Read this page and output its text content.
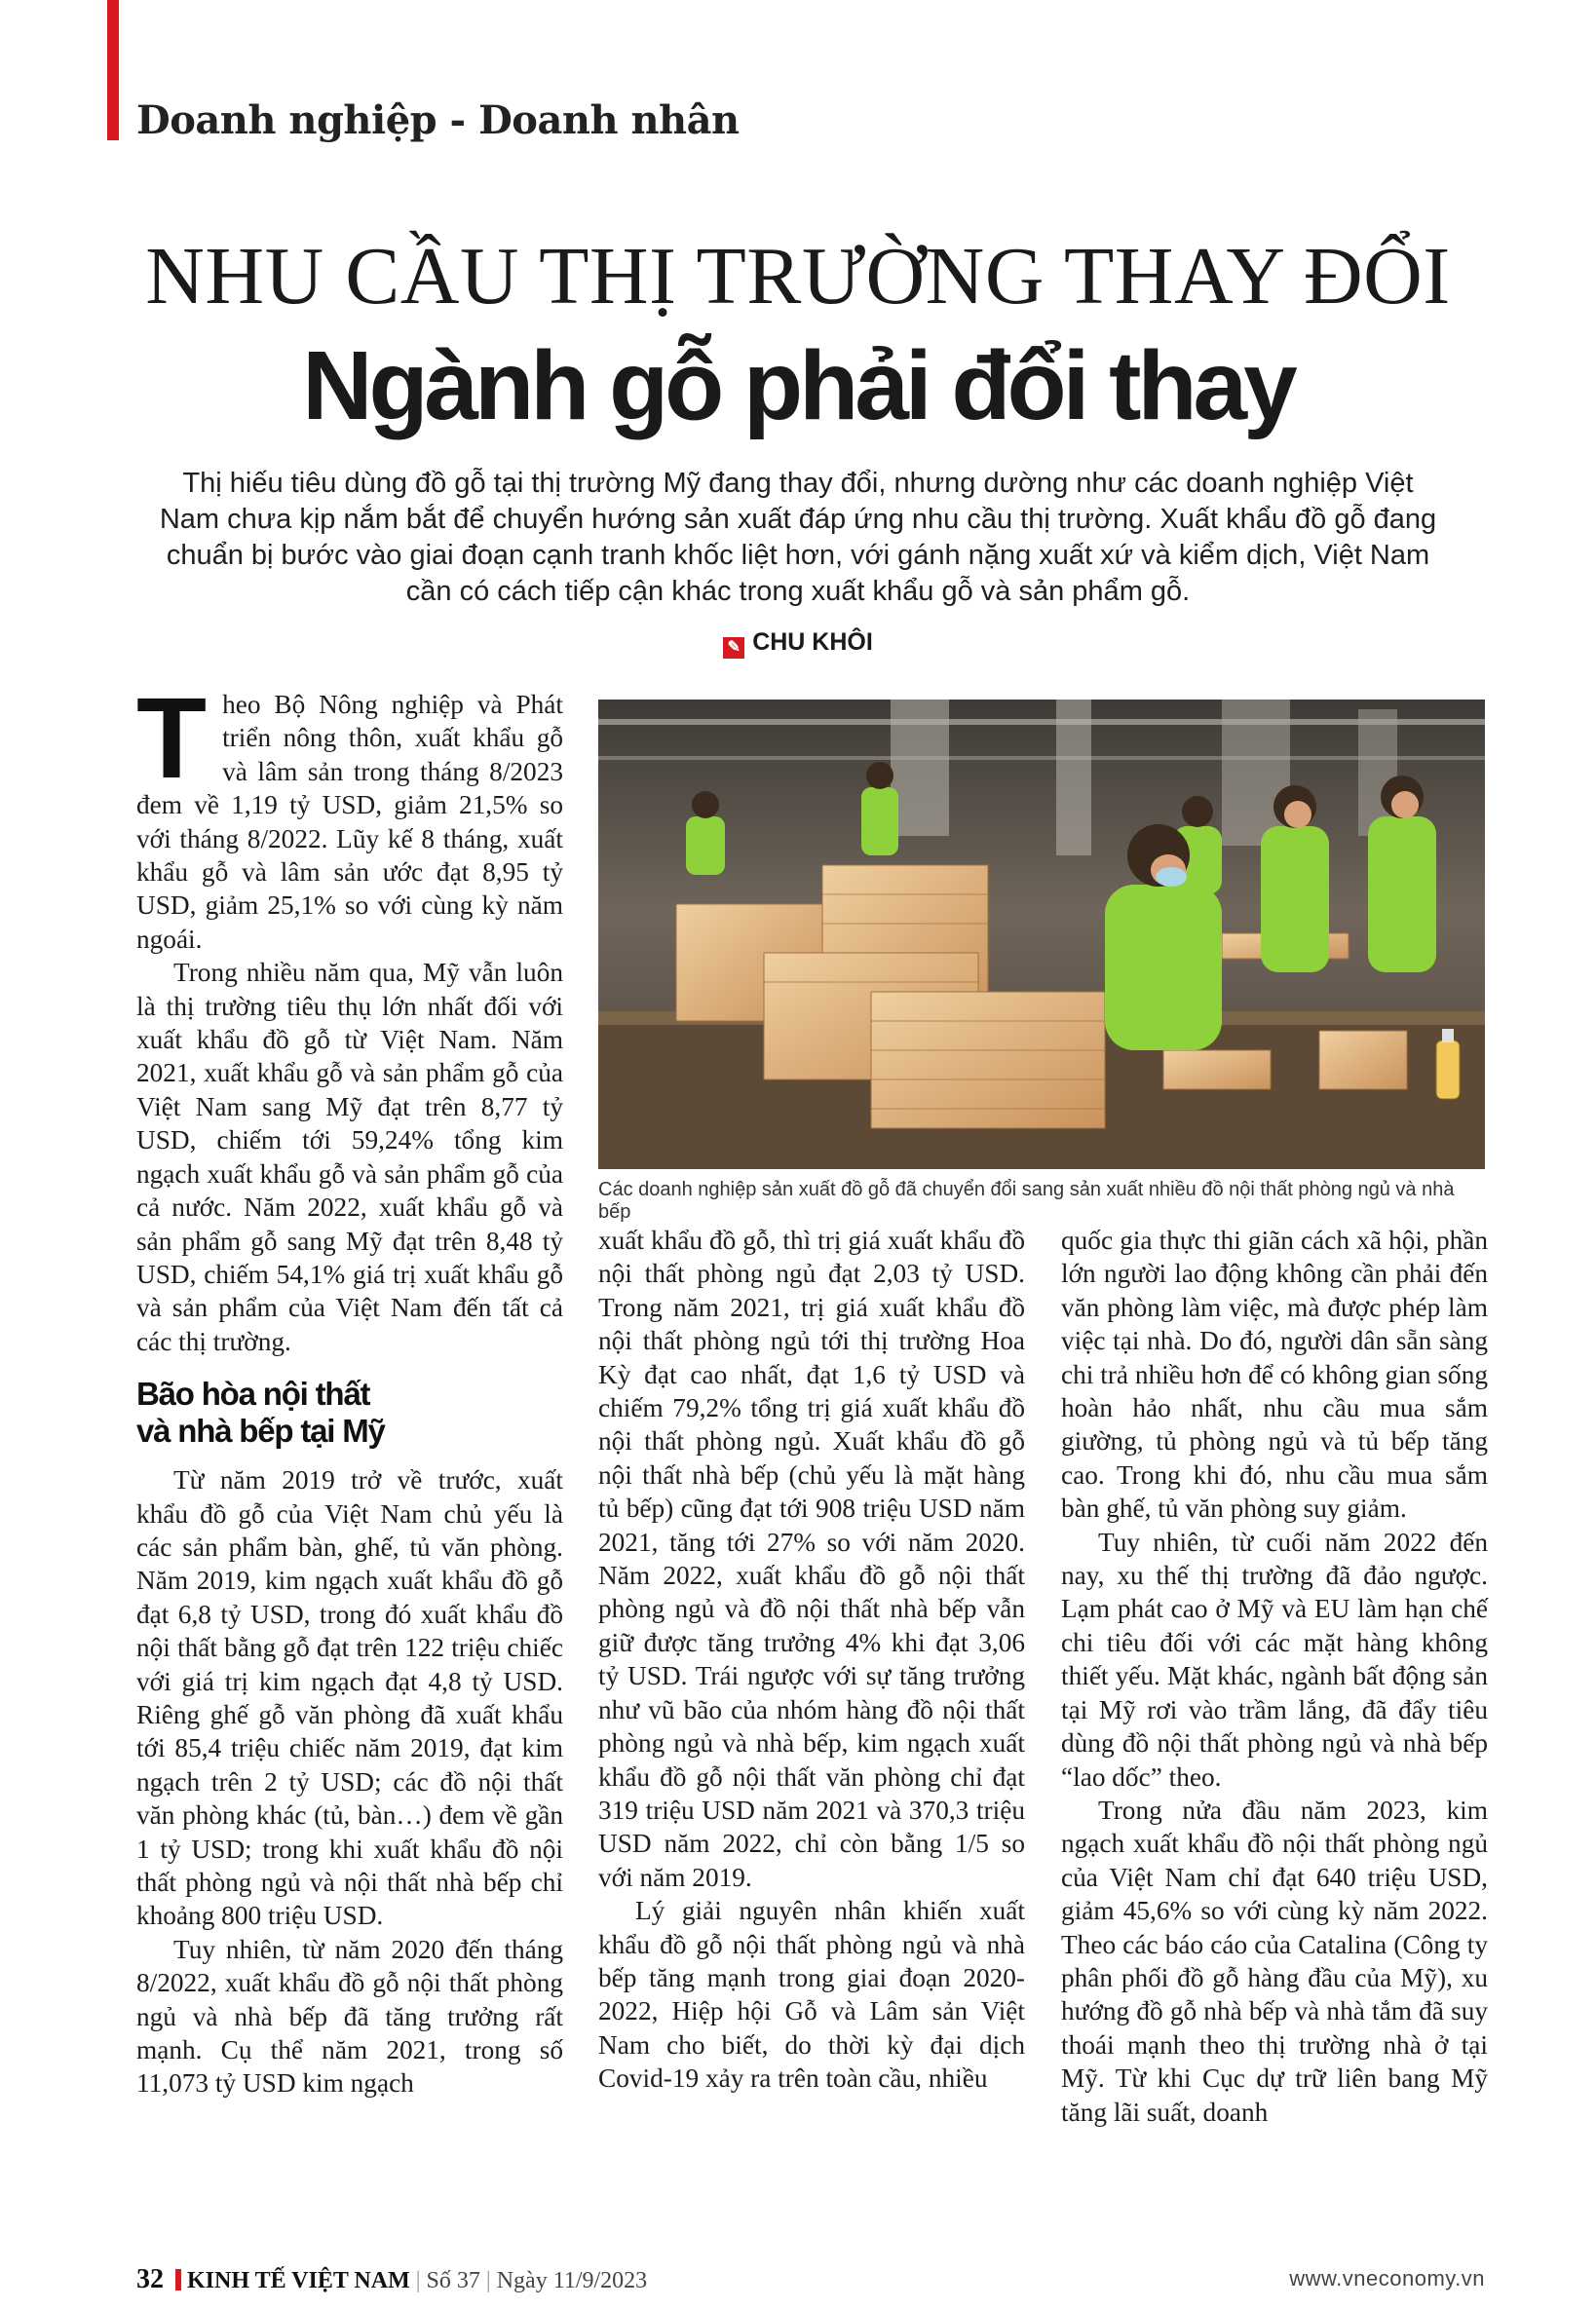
Doanh nghiệp - Doanh nhân
NHU CẦU THỊ TRƯỜNG THAY ĐỔI
Ngành gỗ phải đổi thay
Thị hiếu tiêu dùng đồ gỗ tại thị trường Mỹ đang thay đổi, nhưng dường như các doanh nghiệp Việt Nam chưa kịp nắm bắt để chuyển hướng sản xuất đáp ứng nhu cầu thị trường. Xuất khẩu đồ gỗ đang chuẩn bị bước vào giai đoạn cạnh tranh khốc liệt hơn, với gánh nặng xuất xứ và kiểm dịch, Việt Nam cần có cách tiếp cận khác trong xuất khẩu gỗ và sản phẩm gỗ.
✎ CHU KHÔI

Theo Bộ Nông nghiệp và Phát triển nông thôn, xuất khẩu gỗ và lâm sản trong tháng 8/2023 đem về 1,19 tỷ USD, giảm 21,5% so với tháng 8/2022. Lũy kế 8 tháng, xuất khẩu gỗ và lâm sản ước đạt 8,95 tỷ USD, giảm 25,1% so với cùng kỳ năm ngoái.

Trong nhiều năm qua, Mỹ vẫn luôn là thị trường tiêu thụ lớn nhất đối với xuất khẩu đồ gỗ từ Việt Nam. Năm 2021, xuất khẩu gỗ và sản phẩm gỗ của Việt Nam sang Mỹ đạt trên 8,77 tỷ USD, chiếm tới 59,24% tổng kim ngạch xuất khẩu gỗ và sản phẩm gỗ của cả nước. Năm 2022, xuất khẩu gỗ và sản phẩm gỗ sang Mỹ đạt trên 8,48 tỷ USD, chiếm 54,1% giá trị xuất khẩu gỗ và sản phẩm của Việt Nam đến tất cả các thị trường.

Bão hòa nội thất
và nhà bếp tại Mỹ

Từ năm 2019 trở về trước, xuất khẩu đồ gỗ của Việt Nam chủ yếu là các sản phẩm bàn, ghế, tủ văn phòng. Năm 2019, kim ngạch xuất khẩu đồ gỗ đạt 6,8 tỷ USD, trong đó xuất khẩu đồ nội thất bằng gỗ đạt trên 122 triệu chiếc với giá trị kim ngạch đạt 4,8 tỷ USD. Riêng ghế gỗ văn phòng đã xuất khẩu tới 85,4 triệu chiếc năm 2019, đạt kim ngạch trên 2 tỷ USD; các đồ nội thất văn phòng khác (tủ, bàn…) đem về gần 1 tỷ USD; trong khi xuất khẩu đồ nội thất phòng ngủ và nội thất nhà bếp chỉ khoảng 800 triệu USD.

Tuy nhiên, từ năm 2020 đến tháng 8/2022, xuất khẩu đồ gỗ nội thất phòng ngủ và nhà bếp đã tăng trưởng rất mạnh. Cụ thể năm 2021, trong số 11,073 tỷ USD kim ngạch

Các doanh nghiệp sản xuất đồ gỗ đã chuyển đổi sang sản xuất nhiều đồ nội thất phòng ngủ và nhà bếp

xuất khẩu đồ gỗ, thì trị giá xuất khẩu đồ nội thất phòng ngủ đạt 2,03 tỷ USD. Trong năm 2021, trị giá xuất khẩu đồ nội thất phòng ngủ tới thị trường Hoa Kỳ đạt cao nhất, đạt 1,6 tỷ USD và chiếm 79,2% tổng trị giá xuất khẩu đồ nội thất phòng ngủ. Xuất khẩu đồ gỗ nội thất nhà bếp (chủ yếu là mặt hàng tủ bếp) cũng đạt tới 908 triệu USD năm 2021, tăng tới 27% so với năm 2020. Năm 2022, xuất khẩu đồ gỗ nội thất phòng ngủ và đồ nội thất nhà bếp vẫn giữ được tăng trưởng 4% khi đạt 3,06 tỷ USD. Trái ngược với sự tăng trưởng như vũ bão của nhóm hàng đồ nội thất phòng ngủ và nhà bếp, kim ngạch xuất khẩu đồ gỗ nội thất văn phòng chỉ đạt 319 triệu USD năm 2021 và 370,3 triệu USD năm 2022, chỉ còn bằng 1/5 so với năm 2019.

Lý giải nguyên nhân khiến xuất khẩu đồ gỗ nội thất phòng ngủ và nhà bếp tăng mạnh trong giai đoạn 2020-2022, Hiệp hội Gỗ và Lâm sản Việt Nam cho biết, do thời kỳ đại dịch Covid-19 xảy ra trên toàn cầu, nhiều

quốc gia thực thi giãn cách xã hội, phần lớn người lao động không cần phải đến văn phòng làm việc, mà được phép làm việc tại nhà. Do đó, người dân sẵn sàng chi trả nhiều hơn để có không gian sống hoàn hảo nhất, nhu cầu mua sắm giường, tủ phòng ngủ và tủ bếp tăng cao. Trong khi đó, nhu cầu mua sắm bàn ghế, tủ văn phòng suy giảm.

Tuy nhiên, từ cuối năm 2022 đến nay, xu thế thị trường đã đảo ngược. Lạm phát cao ở Mỹ và EU làm hạn chế chi tiêu đối với các mặt hàng không thiết yếu. Mặt khác, ngành bất động sản tại Mỹ rơi vào trầm lắng, đã đẩy tiêu dùng đồ nội thất phòng ngủ và nhà bếp “lao dốc” theo.

Trong nửa đầu năm 2023, kim ngạch xuất khẩu đồ nội thất phòng ngủ của Việt Nam chỉ đạt 640 triệu USD, giảm 45,6% so với cùng kỳ năm 2022. Theo các báo cáo của Catalina (Công ty phân phối đồ gỗ hàng đầu của Mỹ), xu hướng đồ gỗ nhà bếp và nhà tắm đã suy thoái mạnh theo thị trường nhà ở tại Mỹ. Từ khi Cục dự trữ liên bang Mỹ tăng lãi suất, doanh

32 KINH TẾ VIỆT NAM | Số 37 | Ngày 11/9/2023	www.vneconomy.vn
